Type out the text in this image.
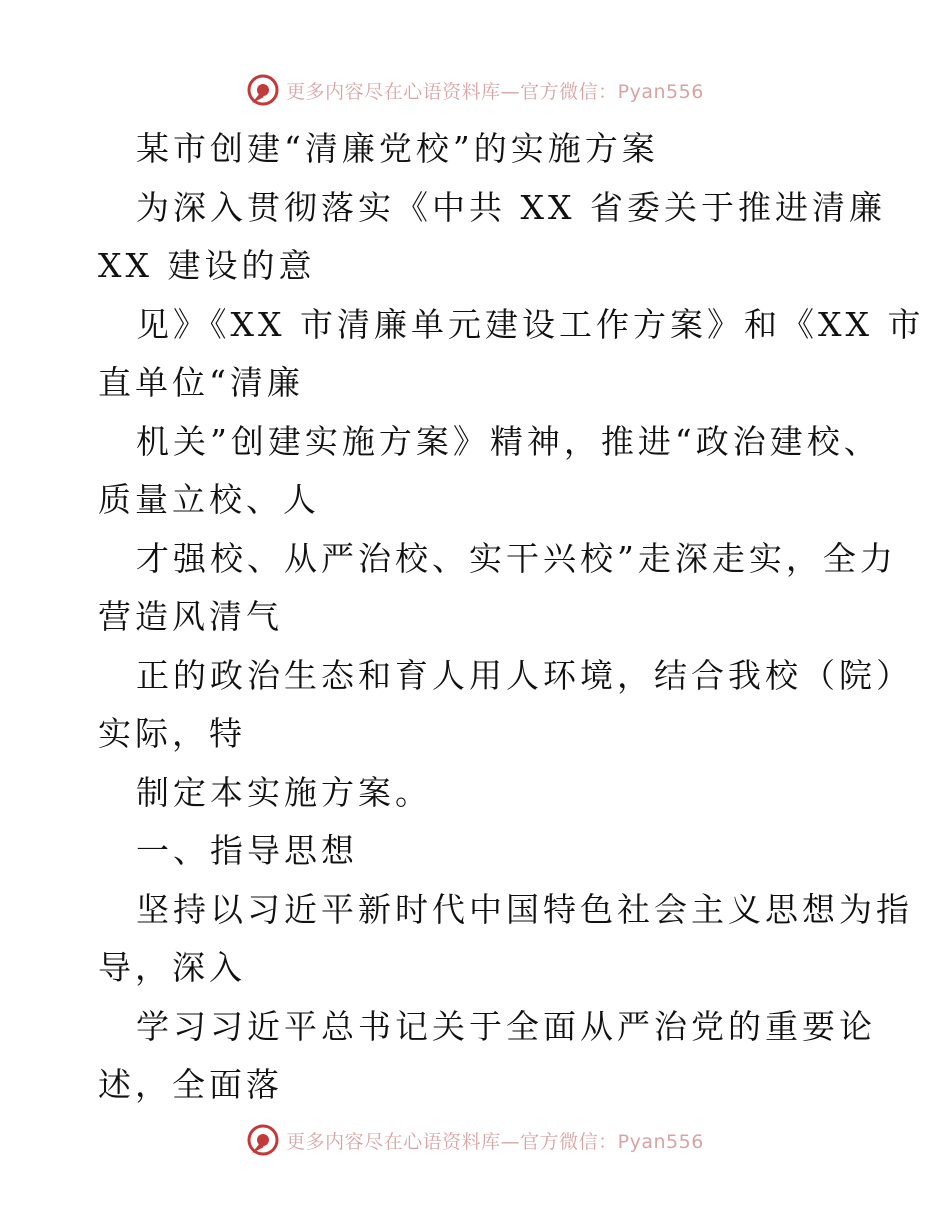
更多内容尽在心语资料库—官方微信：Pyan556
某市创建“清廉党校”的实施方案
为深入贯彻落实《中共 XX 省委关于推进清廉
XX 建设的意
见》《XX 市清廉单元建设工作方案》和《XX 市
直单位“清廉
机关”创建实施方案》精神，推进“政治建校、
质量立校、人
才强校、从严治校、实干兴校”走深走实，全力
营造风清气
正的政治生态和育人用人环境，结合我校（院）
实际，特
制定本实施方案。
一、指导思想
坚持以习近平新时代中国特色社会主义思想为指
导，深入
学习习近平总书记关于全面从严治党的重要论
述，全面落
更多内容尽在心语资料库—官方微信：Pyan556
